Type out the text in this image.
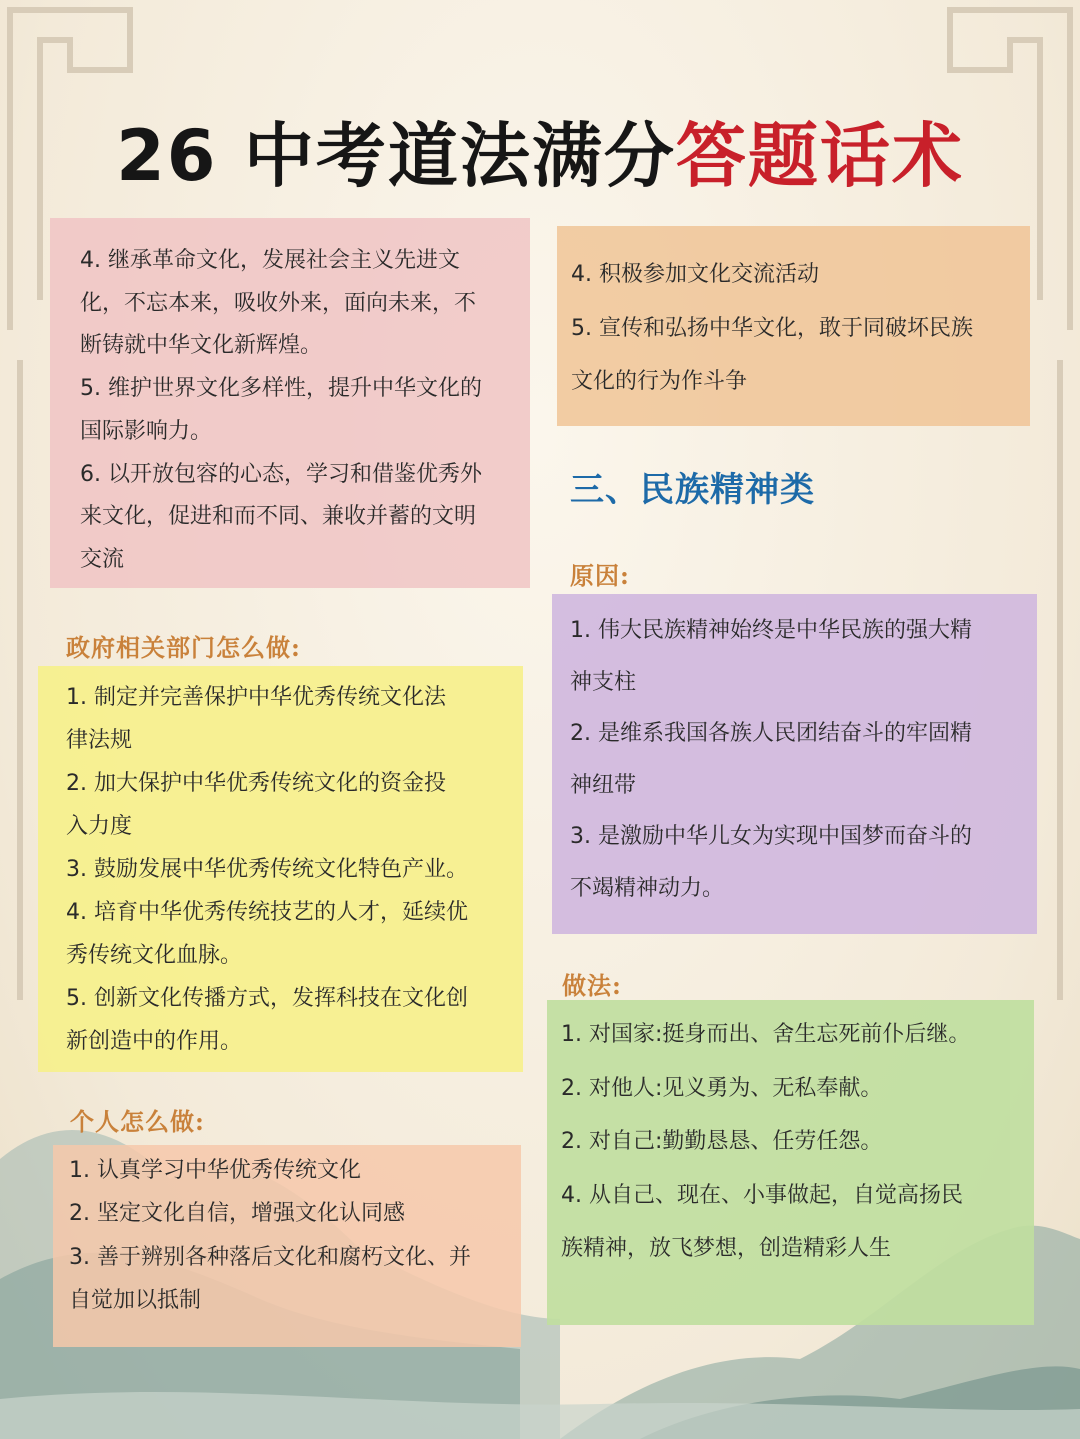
26 中考道法满分答题话术

4. 继承革命文化，发展社会主义先进文

化，不忘本来，吸收外来，面向未来，不

断铸就中华文化新辉煌。

5. 维护世界文化多样性，提升中华文化的

国际影响力。

6. 以开放包容的心态，学习和借鉴优秀外

来文化，促进和而不同、兼收并蓄的文明

交流

4. 积极参加文化交流活动

5. 宣传和弘扬中华文化，敢于同破坏民族

文化的行为作斗争

政府相关部门怎么做:

1. 制定并完善保护中华优秀传统文化法

律法规

2. 加大保护中华优秀传统文化的资金投

入力度

3. 鼓励发展中华优秀传统文化特色产业。

4. 培育中华优秀传统技艺的人才，延续优

秀传统文化血脉。

5. 创新文化传播方式，发挥科技在文化创

新创造中的作用。

个人怎么做:

1. 认真学习中华优秀传统文化

2. 坚定文化自信，增强文化认同感

3. 善于辨别各种落后文化和腐朽文化、并

自觉加以抵制

三、民族精神类
原因:

1. 伟大民族精神始终是中华民族的强大精

神支柱

2. 是维系我国各族人民团结奋斗的牢固精

神纽带

3. 是激励中华儿女为实现中国梦而奋斗的

不竭精神动力。

做法:

1. 对国家:挺身而出、舍生忘死前仆后继。

2. 对他人:见义勇为、无私奉献。

2. 对自己:勤勤恳恳、任劳任怨。

4. 从自己、现在、小事做起，自觉高扬民

族精神，放飞梦想，创造精彩人生
